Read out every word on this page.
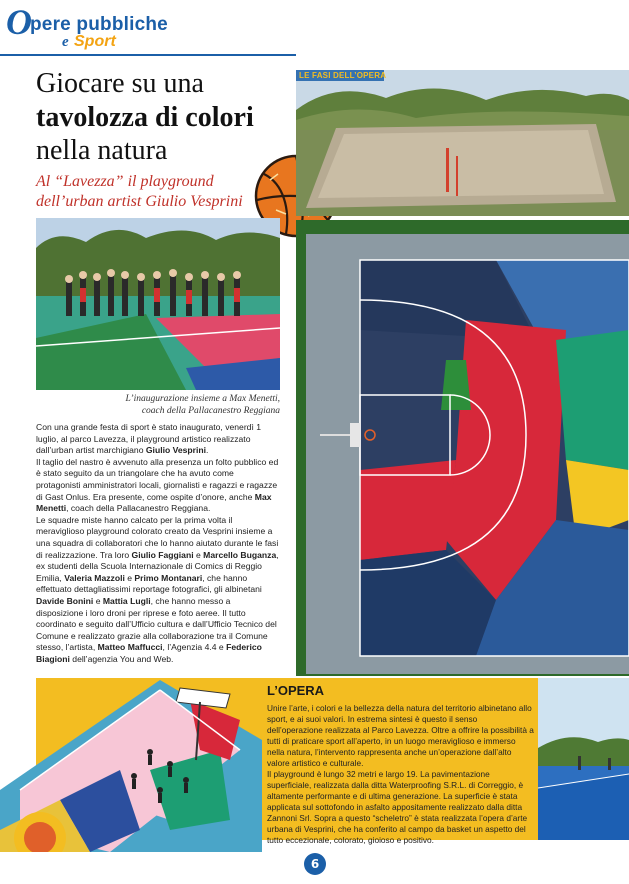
O
pere pubbliche
e Sport
Giocare su una
tavolozza di colori
nella natura
Al “Lavezza” il playground
dell’urban artist Giulio Vesprini
LE FASI DELL’OPERA
L’inaugurazione insieme a Max Menetti,
coach della Pallacanestro Reggiana

Con una grande festa di sport è stato inaugurato, venerdì 1 luglio, al parco Lavezza, il playground artistico realizzato dall’urban artist marchigiano Giulio Vesprini.

Il taglio del nastro è avvenuto alla presenza un folto pubblico ed è stato seguito da un triangolare che ha avuto come protagonisti amministratori locali, giornalisti e ragazzi e ragazze di Gast Onlus. Era presente, come ospite d’onore, anche Max Menetti, coach della Pallacanestro Reggiana.

Le squadre miste hanno calcato per la prima volta il meraviglioso playground colorato creato da Vesprini insieme a una squadra di collaboratori che lo hanno aiutato durante le fasi di realizzazione. Tra loro Giulio Faggiani e Marcello Buganza, ex studenti della Scuola Internazionale di Comics di Reggio Emilia, Valeria Mazzoli e Primo Montanari, che hanno effettuato dettagliatissimi reportage fotografici, gli albinetani Davide Bonini e Mattia Lugli, che hanno messo a disposizione i loro droni per riprese e foto aeree. Il tutto coordinato e seguito dall’Ufficio cultura e dall’Ufficio Tecnico del Comune e realizzato grazie alla collaborazione tra il Comune stesso, l’artista, Matteo Maffucci, l’Agenzia 4.4 e Federico Biagioni dell’agenzia You and Web.

L’OPERA

Unire l’arte, i colori e la bellezza della natura del territorio albinetano allo sport, e ai suoi valori. In estrema sintesi è questo il senso dell’operazione realizzata al Parco Lavezza. Oltre a offrire la possibilità a tutti di praticare sport all’aperto, in un luogo meraviglioso e immerso nella natura, l’intervento rappresenta anche un’operazione dall’alto valore artistico e culturale.

Il playground è lungo 32 metri e largo 19. La pavimentazione superficiale, realizzata dalla ditta Waterproofing S.R.L. di Correggio, è altamente performante e di ultima generazione. La superficie è stata applicata sul sottofondo in asfalto appositamente realizzato dalla ditta Zannoni Srl. Sopra a questo “scheletro” è stata realizzata l’opera d’arte urbana di Vesprini, che ha conferito al campo da basket un aspetto del tutto eccezionale, colorato, gioioso e positivo.

6
